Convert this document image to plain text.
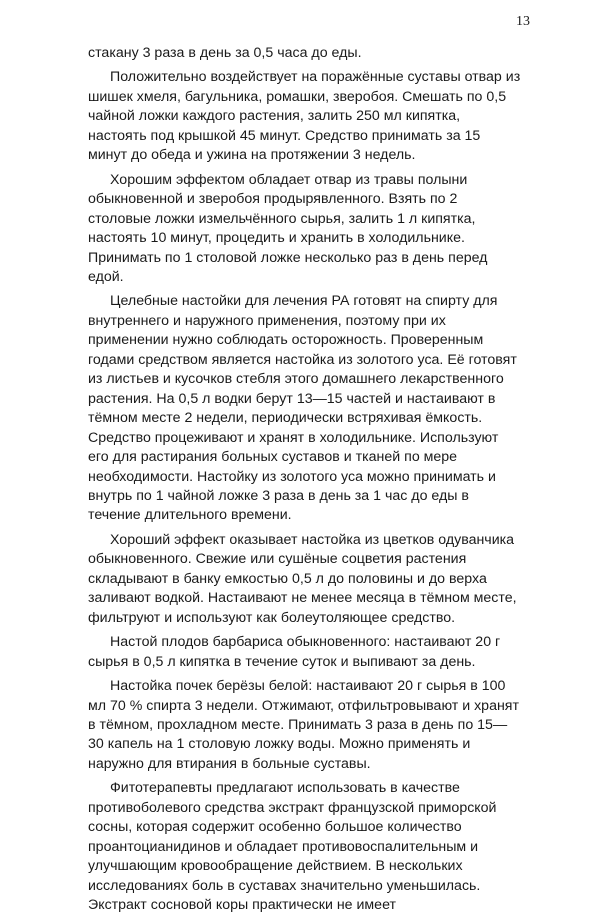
13

стакану 3 раза в день за 0,5 часа до еды.

Положительно воздействует на поражённые суставы отвар из шишек хмеля, багульника, ромашки, зверобоя. Смешать по 0,5 чайной ложки каждого растения, залить 250 мл кипятка, настоять под крышкой 45 минут. Средство принимать за 15 минут до обеда и ужина на протяжении 3 недель.

Хорошим эффектом обладает отвар из травы полыни обыкновенной и зверобоя продырявленного. Взять по 2 столовые ложки измельчённого сырья, залить 1 л кипятка, настоять 10 минут, процедить и хранить в холодильнике. Принимать по 1 столовой ложке несколько раз в день перед едой.

Целебные настойки для лечения РА готовят на спирту для внутреннего и наружного применения, поэтому при их применении нужно соблюдать осторожность. Проверенным годами средством является настойка из золотого уса. Её готовят из листьев и кусочков стебля этого домашнего лекарственного растения. На 0,5 л водки берут 13—15 частей и настаивают в тёмном месте 2 недели, периодически встряхивая ёмкость. Средство процеживают и хранят в холодильнике. Используют его для растирания больных суставов и тканей по мере необходимости. Настойку из золотого уса можно принимать и внутрь по 1 чайной ложке 3 раза в день за 1 час до еды в течение длительного времени.

Хороший эффект оказывает настойка из цветков одуванчика обыкновенного. Свежие или сушёные соцветия растения складывают в банку емкостью 0,5 л до половины и до верха заливают водкой. Настаивают не менее месяца в тёмном месте, фильтруют и используют как болеутоляющее средство.

Настой плодов барбариса обыкновенного: настаивают 20 г сырья в 0,5 л кипятка в течение суток и выпивают за день.

Настойка почек берёзы белой: настаивают 20 г сырья в 100 мл 70 % спирта 3 недели. Отжимают, отфильтровывают и хранят в тёмном, прохладном месте. Принимать 3 раза в день по 15—30 капель на 1 столовую ложку воды. Можно применять и наружно для втирания в больные суставы.

Фитотерапевты предлагают использовать в качестве противоболевого средства экстракт французской приморской сосны, которая содержит особенно большое количество проантоцианидинов и обладает противовоспалительным и улучшающим кровообращение действием. В нескольких исследованиях боль в суставах значительно уменьшилась. Экстракт сосновой коры практически не имеет
